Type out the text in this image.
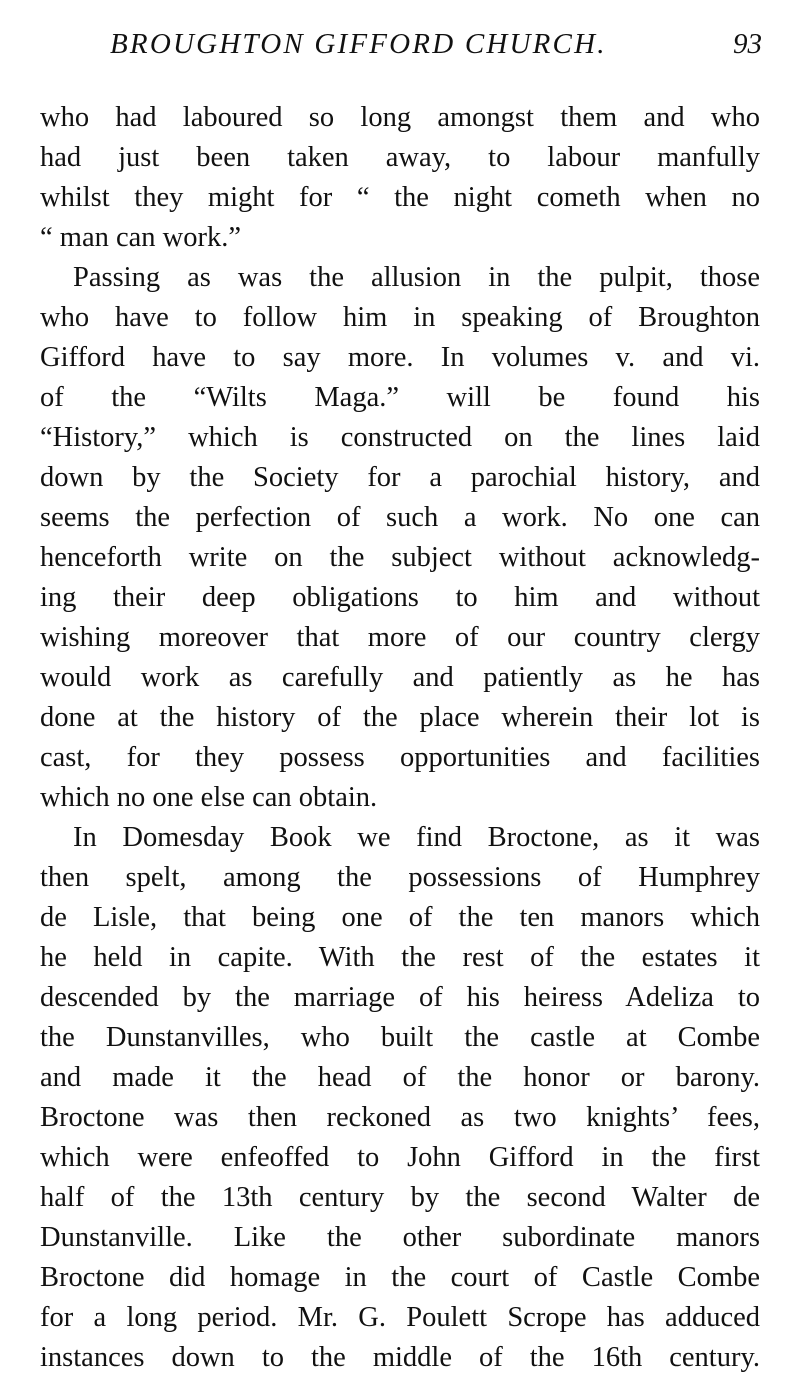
BROUGHTON GIFFORD CHURCH.	93
who had laboured so long amongst them and who
had just been taken away, to labour manfully
whilst they might for “ the night cometh when no
“ man can work.”
Passing as was the allusion in the pulpit, those
who have to follow him in speaking of Broughton
Gifford have to say more. In volumes v. and vi.
of the “Wilts Maga.” will be found his
“History,” which is constructed on the lines laid
down by the Society for a parochial history, and
seems the perfection of such a work. No one can
henceforth write on the subject without acknowledg-
ing their deep obligations to him and without
wishing moreover that more of our country clergy
would work as carefully and patiently as he has
done at the history of the place wherein their lot is
cast, for they possess opportunities and facilities
which no one else can obtain.
In Domesday Book we find Broctone, as it was
then spelt, among the possessions of Humphrey
de Lisle, that being one of the ten manors which
he held in capite. With the rest of the estates it
descended by the marriage of his heiress Adeliza to
the Dunstanvilles, who built the castle at Combe
and made it the head of the honor or barony.
Broctone was then reckoned as two knights’ fees,
which were enfeoffed to John Gifford in the first
half of the 13th century by the second Walter de
Dunstanville. Like the other subordinate manors
Broctone did homage in the court of Castle Combe
for a long period. Mr. G. Poulett Scrope has adduced
instances down to the middle of the 16th century.
